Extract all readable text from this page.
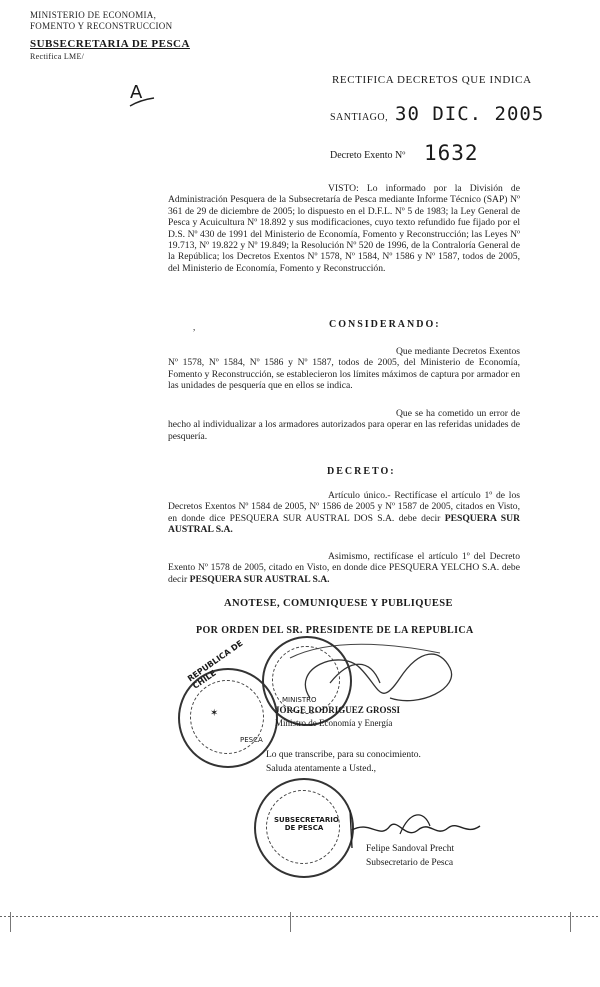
MINISTERIO DE ECONOMIA,
FOMENTO Y RECONSTRUCCION
SUBSECRETARIA DE PESCA
Rectifica LME/
A
RECTIFICA DECRETOS QUE INDICA
SANTIAGO, 30 DIC. 2005
Decreto Exento Nº 1632
VISTO: Lo informado por la División de Administración Pesquera de la Subsecretaría de Pesca mediante Informe Técnico (SAP) Nº 361 de 29 de diciembre de 2005; lo dispuesto en el D.F.L. Nº 5 de 1983; la Ley General de Pesca y Acuicultura Nº 18.892 y sus modificaciones, cuyo texto refundido fue fijado por el D.S. Nº 430 de 1991 del Ministerio de Economía, Fomento y Reconstrucción; las Leyes Nº 19.713, Nº 19.822 y Nº 19.849; la Resolución Nº 520 de 1996, de la Contraloría General de la República; los Decretos Exentos Nº 1578, Nº 1584, Nº 1586 y Nº 1587, todos de 2005, del Ministerio de Economía, Fomento y Reconstrucción.
,	CONSIDERANDO:
Que mediante Decretos Exentos Nº 1578, Nº 1584, Nº 1586 y Nº 1587, todos de 2005, del Ministerio de Economía, Fomento y Reconstrucción, se establecieron los límites máximos de captura por armador en las unidades de pesquería que en ellos se indica.
Que se ha cometido un error de hecho al individualizar a los armadores autorizados para operar en las referidas unidades de pesquería.
DECRETO:
Artículo único.- Rectifícase el artículo 1º de los Decretos Exentos Nº 1584 de 2005, Nº 1586 de 2005 y Nº 1587 de 2005, citados en Visto, en donde dice PESQUERA SUR AUSTRAL DOS S.A. debe decir PESQUERA SUR AUSTRAL S.A.
Asimismo, rectifícase el artículo 1º del Decreto Exento Nº 1578 de 2005, citado en Visto, en donde dice PESQUERA YELCHO S.A. debe decir PESQUERA SUR AUSTRAL S.A.
ANOTESE, COMUNIQUESE Y PUBLIQUESE
POR ORDEN DEL SR. PRESIDENTE DE LA REPUBLICA
MINISTRO
REPUBLICA DE CHILE
✶
PESCA
JORGE RODRIGUEZ GROSSI
Ministro de Economía y Energía
Lo que transcribe, para su conocimiento.
Saluda atentamente a Usted.,
SUBSECRETARIO DE PESCA
Felipe Sandoval Precht
Subsecretario de Pesca
